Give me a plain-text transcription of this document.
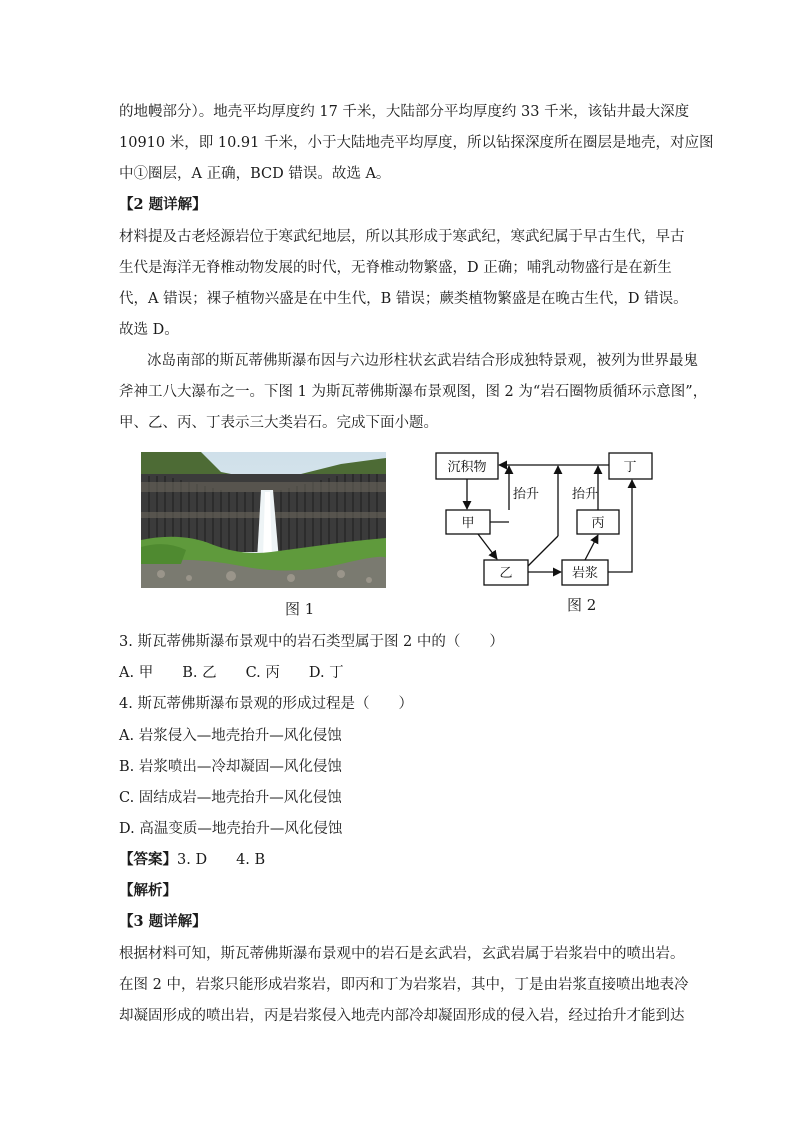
的地幔部分）。地壳平均厚度约 17 千米，大陆部分平均厚度约 33 千米，该钻井最大深度
10910 米，即 10.91 千米，小于大陆地壳平均厚度，所以钻探深度所在圈层是地壳，对应图
中①圈层，A 正确，BCD 错误。故选 A。
【2 题详解】
材料提及古老烃源岩位于寒武纪地层，所以其形成于寒武纪，寒武纪属于早古生代，早古
生代是海洋无脊椎动物发展的时代，无脊椎动物繁盛，D 正确；哺乳动物盛行是在新生
代，A 错误；裸子植物兴盛是在中生代，B 错误；蕨类植物繁盛是在晚古生代，D 错误。
故选 D。
冰岛南部的斯瓦蒂佛斯瀑布因与六边形柱状玄武岩结合形成独特景观，被列为世界最鬼
斧神工八大瀑布之一。下图 1 为斯瓦蒂佛斯瀑布景观图，图 2 为“岩石圈物质循环示意图”，
甲、乙、丙、丁表示三大类岩石。完成下面小题。
图 1
沉积物	丁
甲	丙
乙	岩浆
抬升	抬升
图 2
3. 斯瓦蒂佛斯瀑布景观中的岩石类型属于图 2 中的（　　）
A. 甲　　B. 乙　　C. 丙　　D. 丁
4. 斯瓦蒂佛斯瀑布景观的形成过程是（　　）
A. 岩浆侵入—地壳抬升—风化侵蚀
B. 岩浆喷出—冷却凝固—风化侵蚀
C. 固结成岩—地壳抬升—风化侵蚀
D. 高温变质—地壳抬升—风化侵蚀
【答案】3. D　　4. B
【解析】
【3 题详解】
根据材料可知，斯瓦蒂佛斯瀑布景观中的岩石是玄武岩，玄武岩属于岩浆岩中的喷出岩。
在图 2 中，岩浆只能形成岩浆岩，即丙和丁为岩浆岩，其中，丁是由岩浆直接喷出地表冷
却凝固形成的喷出岩，丙是岩浆侵入地壳内部冷却凝固形成的侵入岩，经过抬升才能到达
